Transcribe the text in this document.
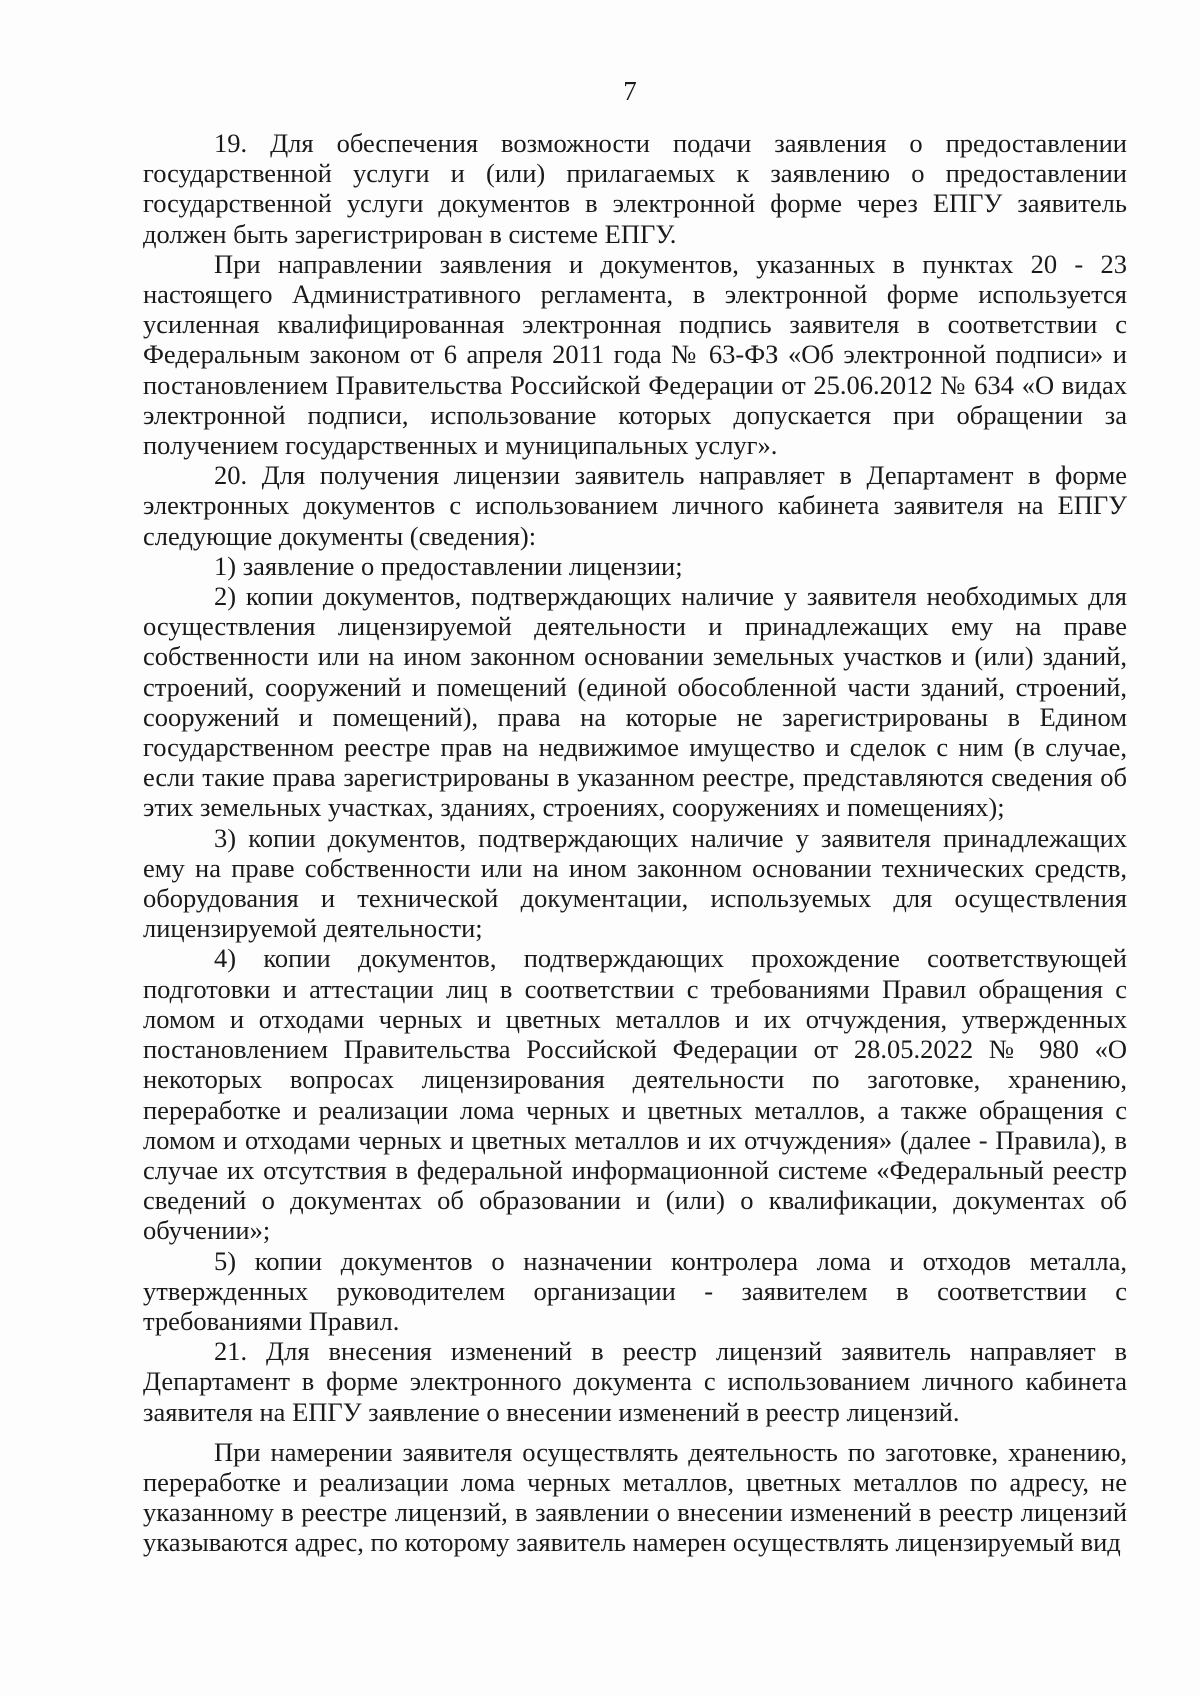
7

19. Для обеспечения возможности подачи заявления о предоставлении государственной услуги и (или) прилагаемых к заявлению о предоставлении государственной услуги документов в электронной форме через ЕПГУ заявитель должен быть зарегистрирован в системе ЕПГУ.

При направлении заявления и документов, указанных в пунктах 20 - 23 настоящего Административного регламента, в электронной форме используется усиленная квалифицированная электронная подпись заявителя в соответствии с Федеральным законом от 6 апреля 2011 года № 63-ФЗ «Об электронной подписи» и постановлением Правительства Российской Федерации от 25.06.2012 № 634 «О видах электронной подписи, использование которых допускается при обращении за получением государственных и муниципальных услуг».

20. Для получения лицензии заявитель направляет в Департамент в форме электронных документов с использованием личного кабинета заявителя на ЕПГУ следующие документы (сведения):

1) заявление о предоставлении лицензии;

2) копии документов, подтверждающих наличие у заявителя необходимых для осуществления лицензируемой деятельности и принадлежащих ему на праве собственности или на ином законном основании земельных участков и (или) зданий, строений, сооружений и помещений (единой обособленной части зданий, строений, сооружений и помещений), права на которые не зарегистрированы в Едином государственном реестре прав на недвижимое имущество и сделок с ним (в случае, если такие права зарегистрированы в указанном реестре, представляются сведения об этих земельных участках, зданиях, строениях, сооружениях и помещениях);

3) копии документов, подтверждающих наличие у заявителя принадлежащих ему на праве собственности или на ином законном основании технических средств, оборудования и технической документации, используемых для осуществления лицензируемой деятельности;

4) копии документов, подтверждающих прохождение соответствующей подготовки и аттестации лиц в соответствии с требованиями Правил обращения с ломом и отходами черных и цветных металлов и их отчуждения, утвержденных постановлением Правительства Российской Федерации от 28.05.2022 № 980 «О некоторых вопросах лицензирования деятельности по заготовке, хранению, переработке и реализации лома черных и цветных металлов, а также обращения с ломом и отходами черных и цветных металлов и их отчуждения» (далее - Правила), в случае их отсутствия в федеральной информационной системе «Федеральный реестр сведений о документах об образовании и (или) о квалификации, документах об обучении»;

5) копии документов о назначении контролера лома и отходов металла, утвержденных руководителем организации - заявителем в соответствии с требованиями Правил.

21. Для внесения изменений в реестр лицензий заявитель направляет в Департамент в форме электронного документа с использованием личного кабинета заявителя на ЕПГУ заявление о внесении изменений в реестр лицензий.

При намерении заявителя осуществлять деятельность по заготовке, хранению, переработке и реализации лома черных металлов, цветных металлов по адресу, не указанному в реестре лицензий, в заявлении о внесении изменений в реестр лицензий указываются адрес, по которому заявитель намерен осуществлять лицензируемый вид
